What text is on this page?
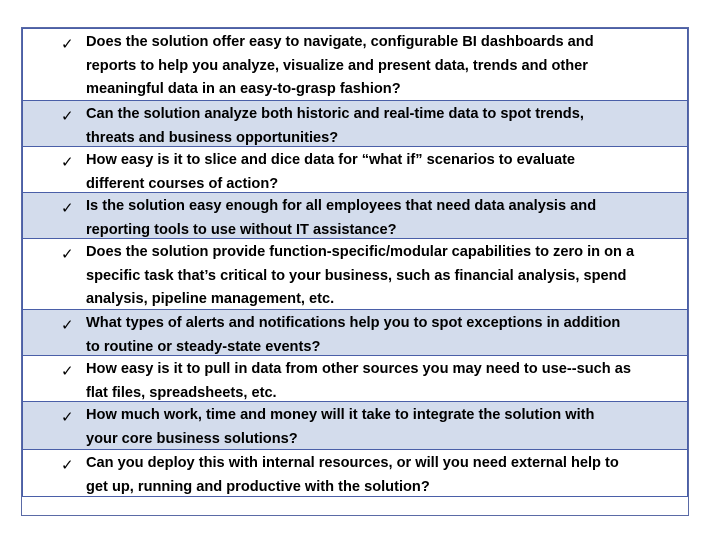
✓ Does the solution offer easy to navigate, configurable BI dashboards and
reports to help you analyze, visualize and present data, trends and other
meaningful data in an easy-to-grasp fashion?
✓ Can the solution analyze both historic and real-time data to spot trends,
threats and business opportunities?
✓ How easy is it to slice and dice data for “what if” scenarios to evaluate
different courses of action?
✓ Is the solution easy enough for all employees that need data analysis and
reporting tools to use without IT assistance?
✓ Does the solution provide function-specific/modular capabilities to zero in on a
specific task that’s critical to your business, such as financial analysis, spend
analysis, pipeline management, etc.
✓ What types of alerts and notifications help you to spot exceptions in addition
to routine or steady-state events?
✓ How easy is it to pull in data from other sources you may need to use--such as
flat files, spreadsheets, etc.
✓ How much work, time and money will it take to integrate the solution with
your core business solutions?
✓ Can you deploy this with internal resources, or will you need external help to
get up, running and productive with the solution?
